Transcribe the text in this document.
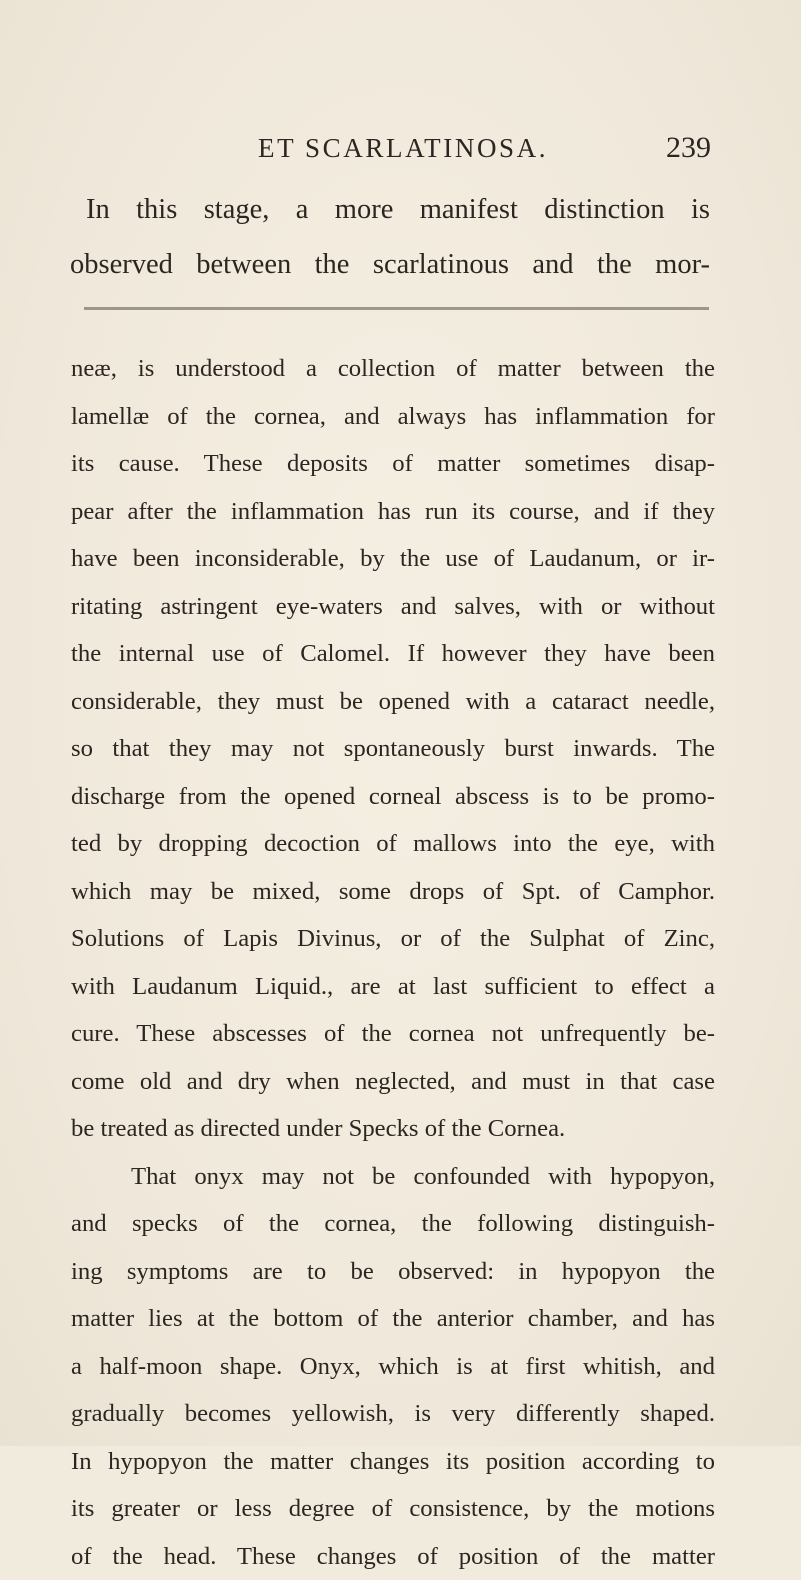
ET SCARLATINOSA.	239
In this stage, a more manifest distinction is
observed between the scarlatinous and the mor-
neæ, is understood a collection of matter between the
lamellæ of the cornea, and always has inflammation for
its cause. These deposits of matter sometimes disap-
pear after the inflammation has run its course, and if they
have been inconsiderable, by the use of Laudanum, or ir-
ritating astringent eye-waters and salves, with or without
the internal use of Calomel. If however they have been
considerable, they must be opened with a cataract needle,
so that they may not spontaneously burst inwards. The
discharge from the opened corneal abscess is to be promo-
ted by dropping decoction of mallows into the eye, with
which may be mixed, some drops of Spt. of Camphor.
Solutions of Lapis Divinus, or of the Sulphat of Zinc,
with Laudanum Liquid., are at last sufficient to effect a
cure. These abscesses of the cornea not unfrequently be-
come old and dry when neglected, and must in that case
be treated as directed under Specks of the Cornea.
That onyx may not be confounded with hypopyon,
and specks of the cornea, the following distinguish-
ing symptoms are to be observed: in hypopyon the
matter lies at the bottom of the anterior chamber, and has
a half-moon shape. Onyx, which is at first whitish, and
gradually becomes yellowish, is very differently shaped.
In hypopyon the matter changes its position according to
its greater or less degree of consistence, by the motions
of the head. These changes of position of the matter
